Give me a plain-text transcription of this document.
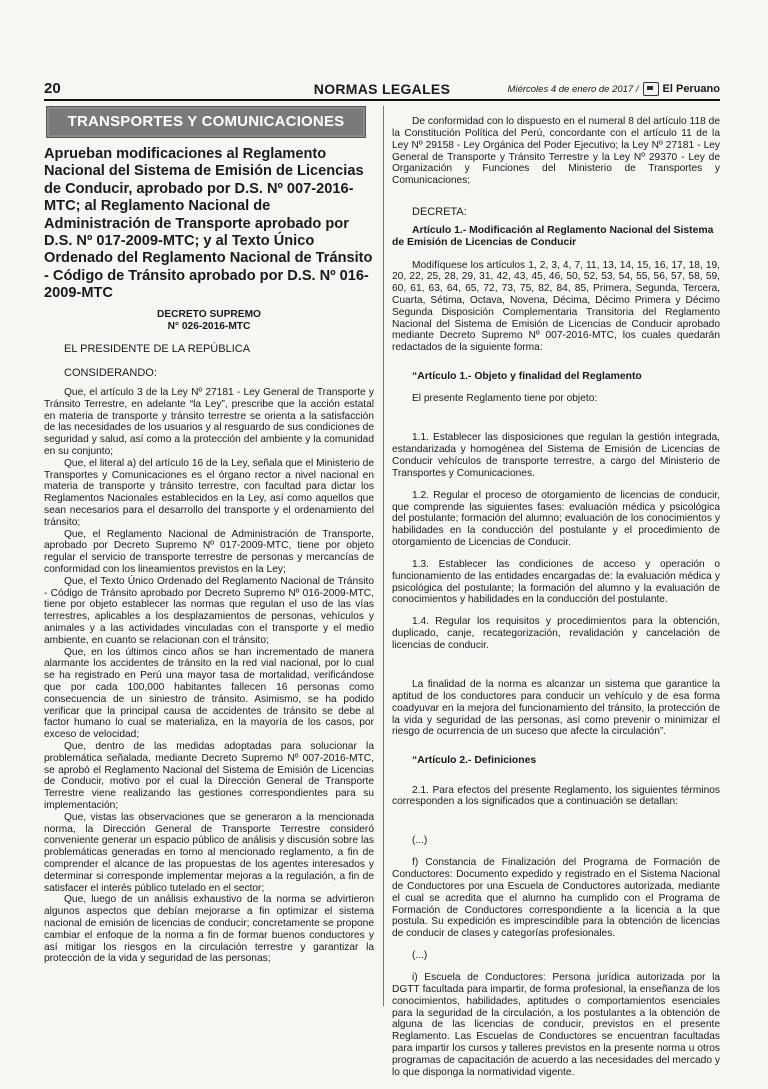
20	NORMAS LEGALES	Miércoles 4 de enero de 2017 / El Peruano
TRANSPORTES Y COMUNICACIONES
Aprueban modificaciones al Reglamento Nacional del Sistema de Emisión de Licencias de Conducir, aprobado por D.S. Nº 007-2016-MTC; al Reglamento Nacional de Administración de Transporte aprobado por D.S. Nº 017-2009-MTC; y al Texto Único Ordenado del Reglamento Nacional de Tránsito - Código de Tránsito aprobado por D.S. Nº 016-2009-MTC
DECRETO SUPREMO
N° 026-2016-MTC
EL PRESIDENTE DE LA REPÚBLICA
CONSIDERANDO:

Que, el artículo 3 de la Ley Nº 27181 - Ley General de Transporte y Tránsito Terrestre, en adelante “la Ley”, prescribe que la acción estatal en materia de transporte y tránsito terrestre se orienta a la satisfacción de las necesidades de los usuarios y al resguardo de sus condiciones de seguridad y salud, así como a la protección del ambiente y la comunidad en su conjunto;

Que, el literal a) del artículo 16 de la Ley, señala que el Ministerio de Transportes y Comunicaciones es el órgano rector a nivel nacional en materia de transporte y tránsito terrestre, con facultad para dictar los Reglamentos Nacionales establecidos en la Ley, así como aquellos que sean necesarios para el desarrollo del transporte y el ordenamiento del tránsito;

Que, el Reglamento Nacional de Administración de Transporte, aprobado por Decreto Supremo Nº 017-2009-MTC, tiene por objeto regular el servicio de transporte terrestre de personas y mercancías de conformidad con los lineamientos previstos en la Ley;

Que, el Texto Único Ordenado del Reglamento Nacional de Tránsito - Código de Tránsito aprobado por Decreto Supremo Nº 016-2009-MTC, tiene por objeto establecer las normas que regulan el uso de las vías terrestres, aplicables a los desplazamientos de personas, vehículos y animales y a las actividades vinculadas con el transporte y el medio ambiente, en cuanto se relacionan con el tránsito;

Que, en los últimos cinco años se han incrementado de manera alarmante los accidentes de tránsito en la red vial nacional, por lo cual se ha registrado en Perú una mayor tasa de mortalidad, verificándose que por cada 100,000 habitantes fallecen 16 personas como consecuencia de un siniestro de tránsito. Asimismo, se ha podido verificar que la principal causa de accidentes de tránsito se debe al factor humano lo cual se materializa, en la mayoría de los casos, por exceso de velocidad;

Que, dentro de las medidas adoptadas para solucionar la problemática señalada, mediante Decreto Supremo Nº 007-2016-MTC, se aprobó el Reglamento Nacional del Sistema de Emisión de Licencias de Conducir, motivo por el cual la Dirección General de Transporte Terrestre viene realizando las gestiones correspondientes para su implementación;

Que, vistas las observaciones que se generaron a la mencionada norma, la Dirección General de Transporte Terrestre consideró conveniente generar un espacio público de análisis y discusión sobre las problemáticas generadas en torno al mencionado reglamento, a fin de comprender el alcance de las propuestas de los agentes interesados y determinar si corresponde implementar mejoras a la regulación, a fin de satisfacer el interés público tutelado en el sector;

Que, luego de un análisis exhaustivo de la norma se advirtieron algunos aspectos que debían mejorarse a fin optimizar el sistema nacional de emisión de licencias de conducir; concretamente se propone cambiar el enfoque de la norma a fin de formar buenos conductores y así mitigar los riesgos en la circulación terrestre y garantizar la protección de la vida y seguridad de las personas;

De conformidad con lo dispuesto en el numeral 8 del artículo 118 de la Constitución Política del Perú, concordante con el artículo 11 de la Ley Nº 29158 - Ley Orgánica del Poder Ejecutivo; la Ley Nº 27181 - Ley General de Transporte y Tránsito Terrestre y la Ley Nº 29370 - Ley de Organización y Funciones del Ministerio de Transportes y Comunicaciones;

DECRETA:
Artículo 1.- Modificación al Reglamento Nacional del Sistema de Emisión de Licencias de Conducir

Modifíquese los artículos 1, 2, 3, 4, 7, 11, 13, 14, 15, 16, 17, 18, 19, 20, 22, 25, 28, 29, 31, 42, 43, 45, 46, 50, 52, 53, 54, 55, 56, 57, 58, 59, 60, 61, 63, 64, 65, 72, 73, 75, 82, 84, 85, Primera, Segunda, Tercera, Cuarta, Sétima, Octava, Novena, Décima, Décimo Primera y Décimo Segunda Disposición Complementaria Transitoria del Reglamento Nacional del Sistema de Emisión de Licencias de Conducir aprobado mediante Decreto Supremo Nº 007-2016-MTC, los cuales quedarán redactados de la siguiente forma:

“Artículo 1.- Objeto y finalidad del Reglamento

El presente Reglamento tiene por objeto:

1.1. Establecer las disposiciones que regulan la gestión integrada, estandarizada y homogénea del Sistema de Emisión de Licencias de Conducir vehículos de transporte terrestre, a cargo del Ministerio de Transportes y Comunicaciones.

1.2. Regular el proceso de otorgamiento de licencias de conducir, que comprende las siguientes fases: evaluación médica y psicológica del postulante; formación del alumno; evaluación de los conocimientos y habilidades en la conducción del postulante y el procedimiento de otorgamiento de Licencias de Conducir.

1.3. Establecer las condiciones de acceso y operación o funcionamiento de las entidades encargadas de: la evaluación médica y psicológica del postulante; la formación del alumno y la evaluación de conocimientos y habilidades en la conducción del postulante.

1.4. Regular los requisitos y procedimientos para la obtención, duplicado, canje, recategorización, revalidación y cancelación de licencias de conducir.

La finalidad de la norma es alcanzar un sistema que garantice la aptitud de los conductores para conducir un vehículo y de esa forma coadyuvar en la mejora del funcionamiento del tránsito, la protección de la vida y seguridad de las personas, así como prevenir o minimizar el riesgo de ocurrencia de un suceso que afecte la circulación”.

“Artículo 2.- Definiciones

2.1. Para efectos del presente Reglamento, los siguientes términos corresponden a los significados que a continuación se detallan:

(...)

f) Constancia de Finalización del Programa de Formación de Conductores: Documento expedido y registrado en el Sistema Nacional de Conductores por una Escuela de Conductores autorizada, mediante el cual se acredita que el alumno ha cumplido con el Programa de Formación de Conductores correspondiente a la licencia a la que postula. Su expedición es imprescindible para la obtención de licencias de conducir de clases y categorías profesionales.

(...)

i) Escuela de Conductores: Persona jurídica autorizada por la DGTT facultada para impartir, de forma profesional, la enseñanza de los conocimientos, habilidades, aptitudes o comportamientos esenciales para la seguridad de la circulación, a los postulantes a la obtención de alguna de las licencias de conducir, previstos en el presente Reglamento. Las Escuelas de Conductores se encuentran facultadas para impartir los cursos y talleres previstos en la presente norma u otros programas de capacitación de acuerdo a las necesidades del mercado y lo que disponga la normatividad vigente.
